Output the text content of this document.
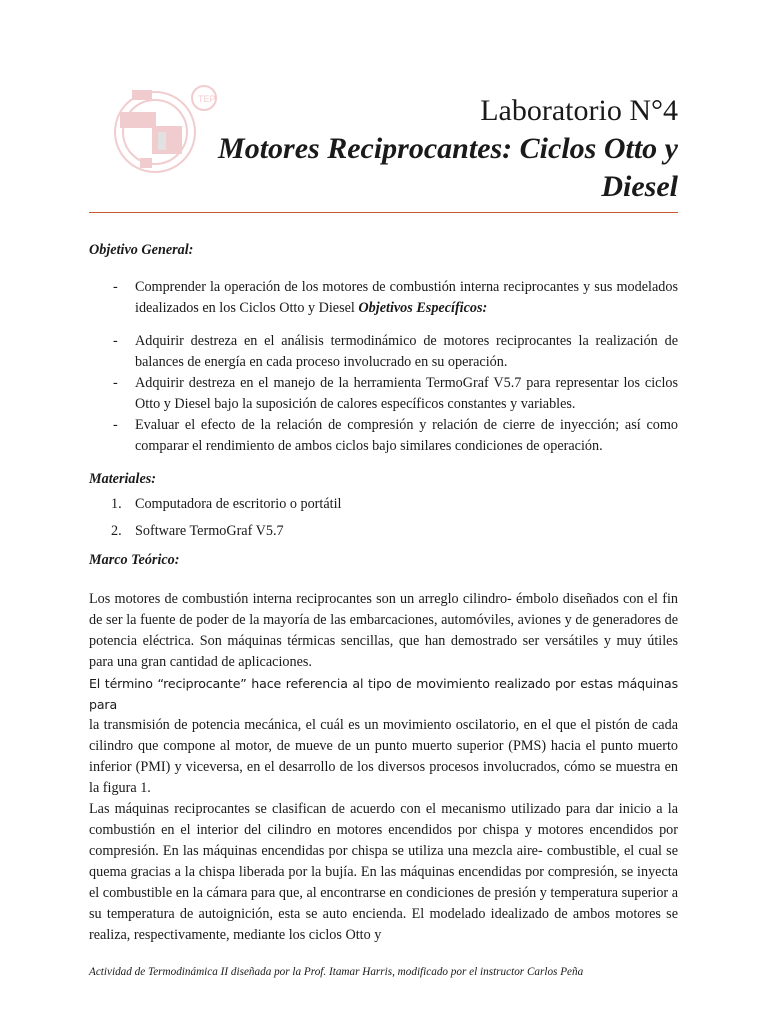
TEP	Laboratorio N°4
Motores Reciprocantes: Ciclos Otto y
Diesel

Objetivo General:

- Comprender la operación de los motores de combustión interna reciprocantes y sus modelados idealizados en los Ciclos Otto y Diesel Objetivos Específicos:
- Adquirir destreza en el análisis termodinámico de motores reciprocantes la realización de balances de energía en cada proceso involucrado en su operación.
- Adquirir destreza en el manejo de la herramienta TermoGraf V5.7 para representar los ciclos Otto y Diesel bajo la suposición de calores específicos constantes y variables.
- Evaluar el efecto de la relación de compresión y relación de cierre de inyección; así como comparar el rendimiento de ambos ciclos bajo similares condiciones de operación.

Materiales:

1. Computadora de escritorio o portátil
2. Software TermoGraf V5.7

Marco Teórico:

Los motores de combustión interna reciprocantes son un arreglo cilindro- émbolo diseñados con el fin de ser la fuente de poder de la mayoría de las embarcaciones, automóviles, aviones y de generadores de potencia eléctrica. Son máquinas térmicas sencillas, que han demostrado ser versátiles y muy útiles para una gran cantidad de aplicaciones.

El término “reciprocante” hace referencia al tipo de movimiento realizado por estas máquinas para

la transmisión de potencia mecánica, el cuál es un movimiento oscilatorio, en el que el pistón de cada cilindro que compone al motor, de mueve de un punto muerto superior (PMS) hacia el punto muerto inferior (PMI) y viceversa, en el desarrollo de los diversos procesos involucrados, cómo se muestra en la figura 1.

Las máquinas reciprocantes se clasifican de acuerdo con el mecanismo utilizado para dar inicio a la combustión en el interior del cilindro en motores encendidos por chispa y motores encendidos por compresión. En las máquinas encendidas por chispa se utiliza una mezcla aire- combustible, el cual se quema gracias a la chispa liberada por la bujía. En las máquinas encendidas por compresión, se inyecta el combustible en la cámara para que, al encontrarse en condiciones de presión y temperatura superior a su temperatura de autoignición, esta se auto encienda. El modelado idealizado de ambos motores se realiza, respectivamente, mediante los ciclos Otto y

Actividad de Termodinámica II diseñada por la Prof. Itamar Harris, modificado por el instructor Carlos Peña
